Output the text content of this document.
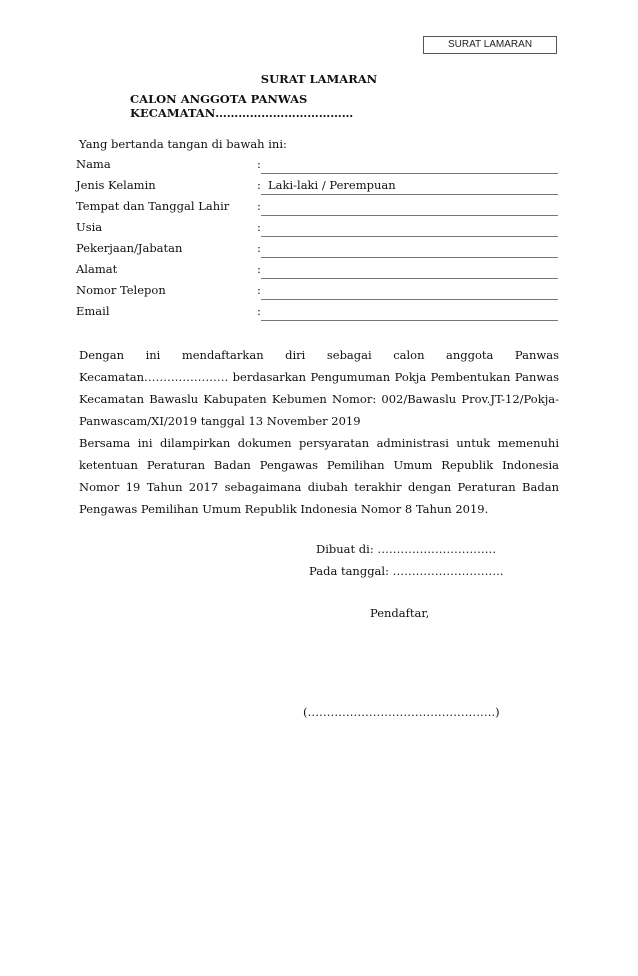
SURAT LAMARAN
SURAT LAMARAN
CALON ANGGOTA PANWAS KECAMATAN………………………………
Yang bertanda tangan di bawah ini:
Nama	:
Jenis Kelamin	: Laki-laki / Perempuan
Tempat dan Tanggal Lahir :
Usia	:
Pekerjaan/Jabatan	:
Alamat	:
Nomor Telepon	:
Email	:
Dengan ini mendaftarkan diri sebagai calon anggota Panwas Kecamatan…………………. berdasarkan Pengumuman Pokja Pembentukan Panwas Kecamatan Bawaslu Kabupaten Kebumen Nomor: 002/Bawaslu Prov.JT-12/Pokja-Panwascam/XI/2019 tanggal 13 November 2019
Bersama ini dilampirkan dokumen persyaratan administrasi untuk memenuhi ketentuan Peraturan Badan Pengawas Pemilihan Umum Republik Indonesia Nomor 19 Tahun 2017 sebagaimana diubah terakhir dengan Peraturan Badan Pengawas Pemilihan Umum Republik Indonesia Nomor 8 Tahun 2019.
Dibuat di: ………………………….
Pada tanggal: ………………………..
Pendaftar,
(………………………………………….)
